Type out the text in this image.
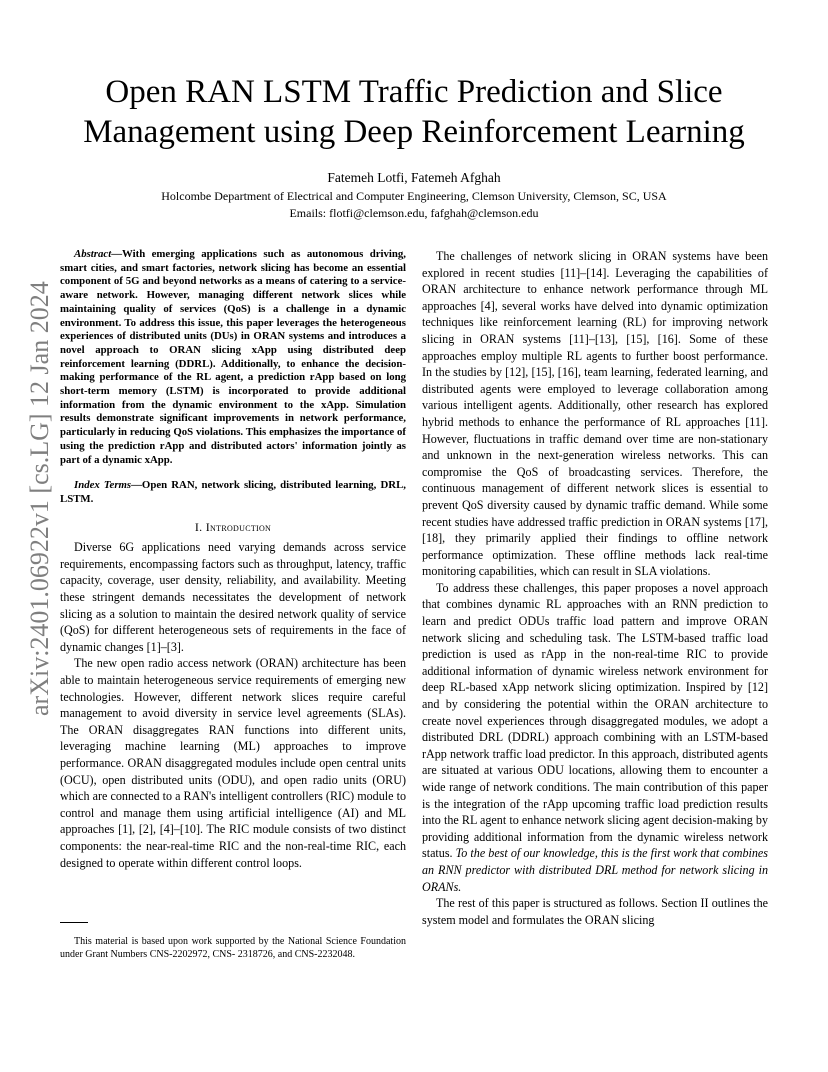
arXiv:2401.06922v1 [cs.LG] 12 Jan 2024
Open RAN LSTM Traffic Prediction and Slice Management using Deep Reinforcement Learning
Fatemeh Lotfi, Fatemeh Afghah
Holcombe Department of Electrical and Computer Engineering, Clemson University, Clemson, SC, USA
Emails: flotfi@clemson.edu, fafghah@clemson.edu

Abstract—With emerging applications such as autonomous driving, smart cities, and smart factories, network slicing has become an essential component of 5G and beyond networks as a means of catering to a service-aware network. However, managing different network slices while maintaining quality of services (QoS) is a challenge in a dynamic environment. To address this issue, this paper leverages the heterogeneous experiences of distributed units (DUs) in ORAN systems and introduces a novel approach to ORAN slicing xApp using distributed deep reinforcement learning (DDRL). Additionally, to enhance the decision-making performance of the RL agent, a prediction rApp based on long short-term memory (LSTM) is incorporated to provide additional information from the dynamic environment to the xApp. Simulation results demonstrate significant improvements in network performance, particularly in reducing QoS violations. This emphasizes the importance of using the prediction rApp and distributed actors' information jointly as part of a dynamic xApp.

Index Terms—Open RAN, network slicing, distributed learning, DRL, LSTM.

I. Introduction

Diverse 6G applications need varying demands across service requirements, encompassing factors such as throughput, latency, traffic capacity, coverage, user density, reliability, and availability. Meeting these stringent demands necessitates the development of network slicing as a solution to maintain the desired network quality of service (QoS) for different heterogeneous sets of requirements in the face of dynamic changes [1]–[3].

The new open radio access network (ORAN) architecture has been able to maintain heterogeneous service requirements of emerging new technologies. However, different network slices require careful management to avoid diversity in service level agreements (SLAs). The ORAN disaggregates RAN functions into different units, leveraging machine learning (ML) approaches to improve performance. ORAN disaggregated modules include open central units (OCU), open distributed units (ODU), and open radio units (ORU) which are connected to a RAN's intelligent controllers (RIC) module to control and manage them using artificial intelligence (AI) and ML approaches [1], [2], [4]–[10]. The RIC module consists of two distinct components: the near-real-time RIC and the non-real-time RIC, each designed to operate within different control loops.

This material is based upon work supported by the National Science Foundation under Grant Numbers CNS-2202972, CNS- 2318726, and CNS-2232048.

The challenges of network slicing in ORAN systems have been explored in recent studies [11]–[14]. Leveraging the capabilities of ORAN architecture to enhance network performance through ML approaches [4], several works have delved into dynamic optimization techniques like reinforcement learning (RL) for improving network slicing in ORAN systems [11]–[13], [15], [16]. Some of these approaches employ multiple RL agents to further boost performance. In the studies by [12], [15], [16], team learning, federated learning, and distributed agents were employed to leverage collaboration among various intelligent agents. Additionally, other research has explored hybrid methods to enhance the performance of RL approaches [11]. However, fluctuations in traffic demand over time are non-stationary and unknown in the next-generation wireless networks. This can compromise the QoS of broadcasting services. Therefore, the continuous management of different network slices is essential to prevent QoS diversity caused by dynamic traffic demand. While some recent studies have addressed traffic prediction in ORAN systems [17], [18], they primarily applied their findings to offline network performance optimization. These offline methods lack real-time monitoring capabilities, which can result in SLA violations.

To address these challenges, this paper proposes a novel approach that combines dynamic RL approaches with an RNN prediction to learn and predict ODUs traffic load pattern and improve ORAN network slicing and scheduling task. The LSTM-based traffic load prediction is used as rApp in the non-real-time RIC to provide additional information of dynamic wireless network environment for deep RL-based xApp network slicing optimization. Inspired by [12] and by considering the potential within the ORAN architecture to create novel experiences through disaggregated modules, we adopt a distributed DRL (DDRL) approach combining with an LSTM-based rApp network traffic load predictor. In this approach, distributed agents are situated at various ODU locations, allowing them to encounter a wide range of network conditions. The main contribution of this paper is the integration of the rApp upcoming traffic load prediction results into the RL agent to enhance network slicing agent decision-making by providing additional information from the dynamic wireless network status. To the best of our knowledge, this is the first work that combines an RNN predictor with distributed DRL method for network slicing in ORANs.

The rest of this paper is structured as follows. Section II outlines the system model and formulates the ORAN slicing
